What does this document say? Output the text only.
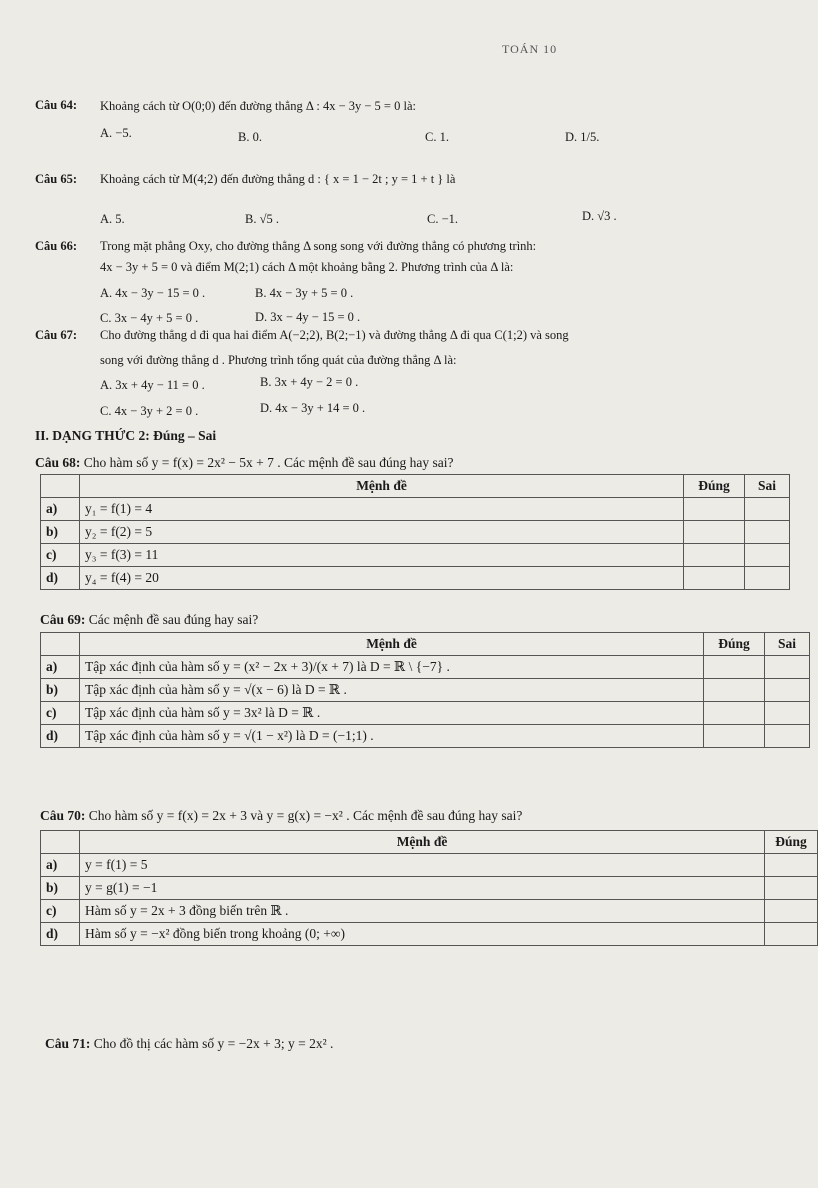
TOÁN 10
Câu 64: Khoảng cách từ O(0;0) đến đường thẳng Δ : 4x − 3y − 5 = 0 là:
A. −5.	B. 0.	C. 1.	D. 1/5.
Câu 65: Khoảng cách từ M(4;2) đến đường thẳng d : { x = 1 − 2t ; y = 1 + t } là
A. 5.	B. √5 .	C. −1.	D. √3 .
Câu 66: Trong mặt phẳng Oxy, cho đường thẳng Δ song song với đường thẳng có phương trình:
4x − 3y + 5 = 0 và điểm M(2;1) cách Δ một khoảng bằng 2. Phương trình của Δ là:
A. 4x − 3y − 15 = 0 .	B. 4x − 3y + 5 = 0 .
C. 3x − 4y + 5 = 0 .	D. 3x − 4y − 15 = 0 .
Câu 67: Cho đường thẳng d đi qua hai điểm A(−2;2), B(2;−1) và đường thẳng Δ đi qua C(1;2) và song
song với đường thẳng d . Phương trình tổng quát của đường thẳng Δ là:
A. 3x + 4y − 11 = 0 .	B. 3x + 4y − 2 = 0 .
C. 4x − 3y + 2 = 0 .	D. 4x − 3y + 14 = 0 .
II. DẠNG THỨC 2: Đúng – Sai
Câu 68: Cho hàm số y = f(x) = 2x² − 5x + 7 . Các mệnh đề sau đúng hay sai?
	Mệnh đề	Đúng	Sai
a)	y₁ = f(1) = 4		
b)	y₂ = f(2) = 5		
c)	y₃ = f(3) = 11		
d)	y₄ = f(4) = 20		
Câu 69: Các mệnh đề sau đúng hay sai?
	Mệnh đề	Đúng	Sai
a)	Tập xác định của hàm số y = (x² − 2x + 3)/(x + 7) là D = ℝ \ {−7} .		
b)	Tập xác định của hàm số y = √(x − 6) là D = ℝ .		
c)	Tập xác định của hàm số y = 3x² là D = ℝ .		
d)	Tập xác định của hàm số y = √(1 − x²) là D = (−1;1) .		
Câu 70: Cho hàm số y = f(x) = 2x + 3 và y = g(x) = −x² . Các mệnh đề sau đúng hay sai?
	Mệnh đề	Đúng
a)	y = f(1) = 5	
b)	y = g(1) = −1	
c)	Hàm số y = 2x + 3 đồng biến trên ℝ .	
d)	Hàm số y = −x² đồng biến trong khoảng (0; +∞)	
Câu 71: Cho đồ thị các hàm số y = −2x + 3; y = 2x² .
